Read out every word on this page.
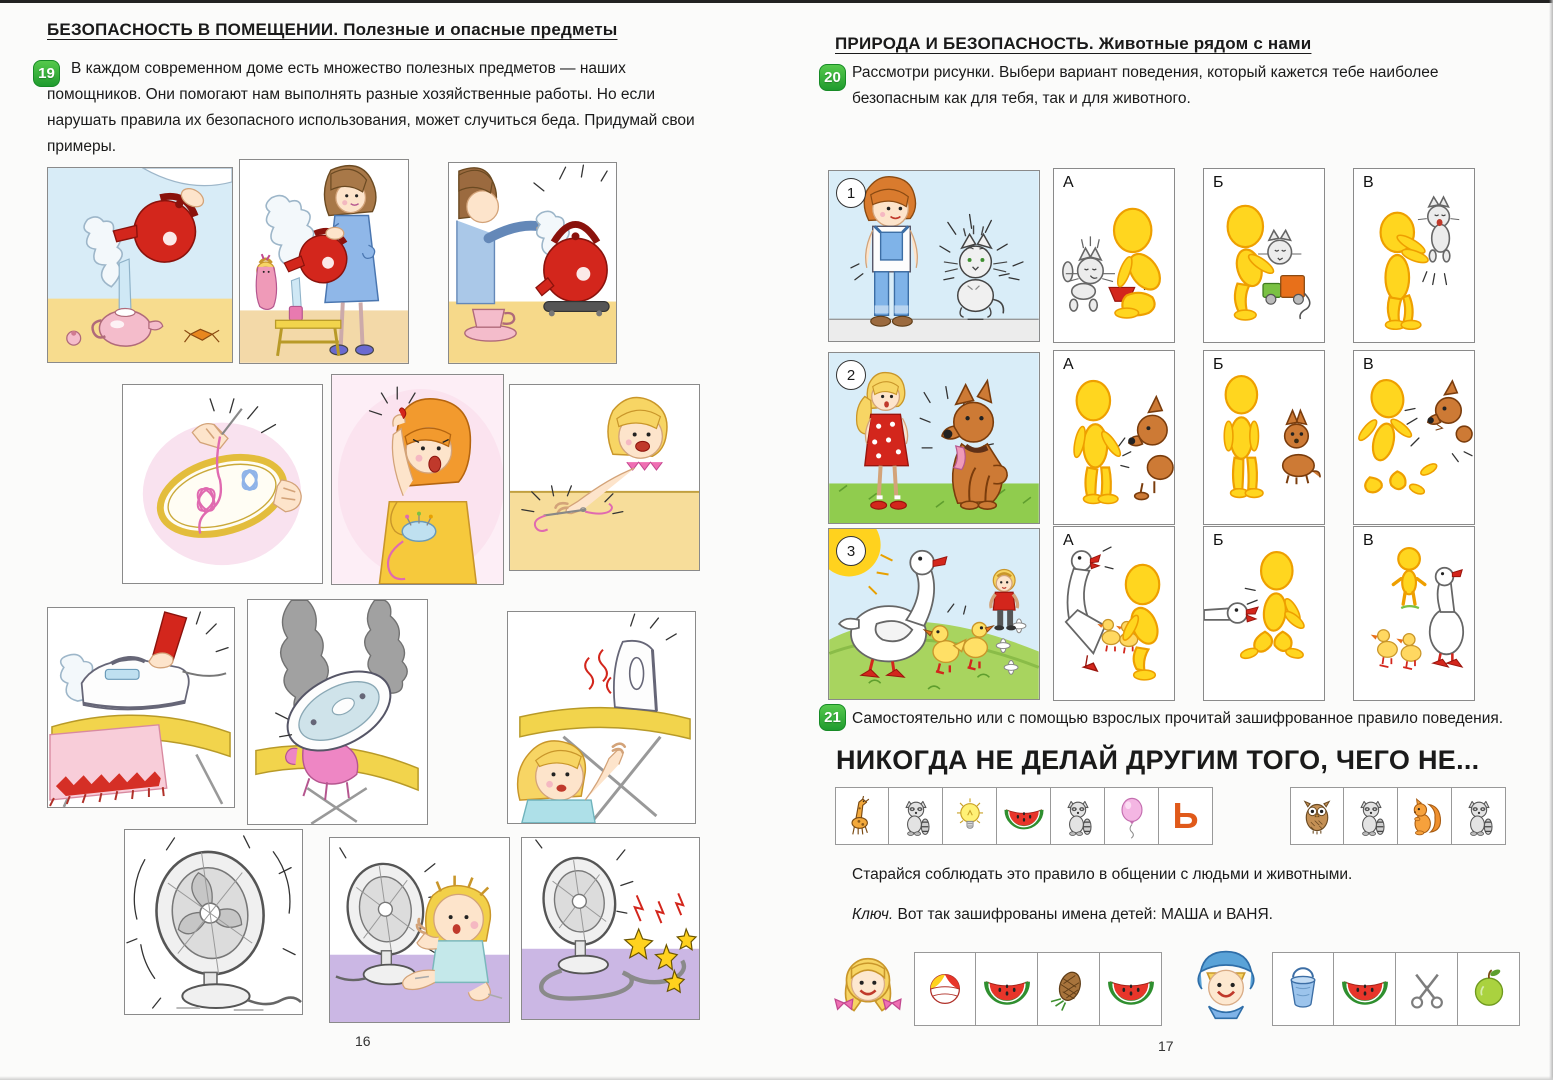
БЕЗОПАСНОСТЬ В ПОМЕЩЕНИИ. Полезные и опасные предметы
19	В каждом современном доме есть множество полезных предметов — наших помощников. Они помогают нам выполнять разные хозяйственные работы. Но если нарушать правила их безопасного использования, может случиться беда. Придумай свои примеры.
16
ПРИРОДА И БЕЗОПАСНОСТЬ. Животные рядом с нами
20 Рассмотри рисунки. Выбери вариант поведения, который кажется тебе наиболее безопасным как для тебя, так и для животного.
1
А	Б	В
2
А	Б	В
3
А	Б	В
21 Самостоятельно или с помощью взрослых прочитай зашифрованное правило поведения.
НИКОГДА НЕ ДЕЛАЙ ДРУГИМ ТОГО, ЧЕГО НЕ...
Ь
Старайся соблюдать это правило в общении с людьми и животными.
Ключ. Вот так зашифрованы имена детей: МАША и ВАНЯ.
17
